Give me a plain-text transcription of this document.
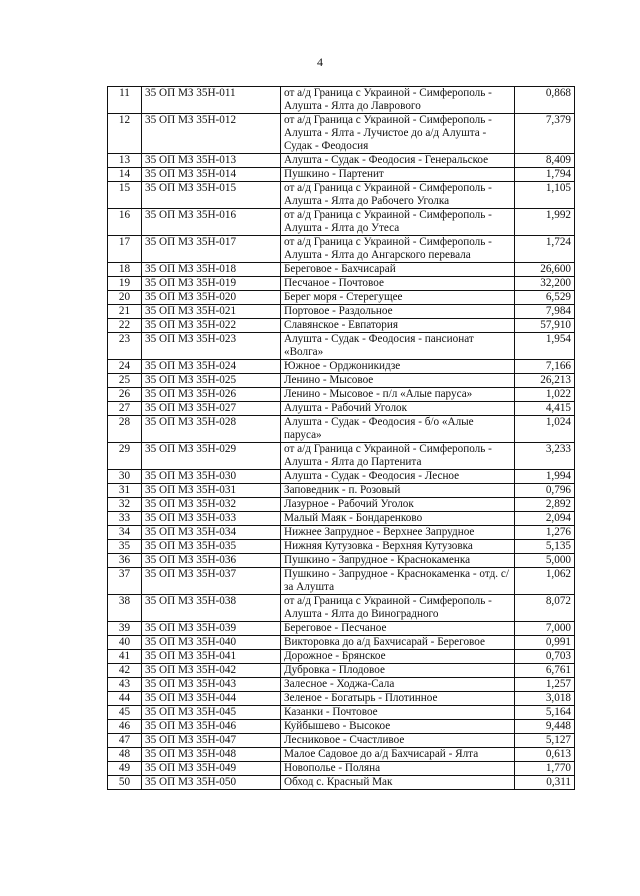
4
11	35 ОП МЗ 35Н-011	от а/д Граница с Украиной - Симферополь - Алушта - Ялта до Лаврового	0,868
12	35 ОП МЗ 35Н-012	от а/д Граница с Украиной - Симферополь - Алушта - Ялта - Лучистое до а/д Алушта - Судак - Феодосия	7,379
13	35 ОП МЗ 35Н-013	Алушта - Судак - Феодосия - Генеральское	8,409
14	35 ОП МЗ 35Н-014	Пушкино - Партенит	1,794
15	35 ОП МЗ 35Н-015	от а/д Граница с Украиной - Симферополь - Алушта - Ялта до Рабочего Уголка	1,105
16	35 ОП МЗ 35Н-016	от а/д Граница с Украиной - Симферополь - Алушта - Ялта до Утеса	1,992
17	35 ОП МЗ 35Н-017	от а/д Граница с Украиной - Симферополь - Алушта - Ялта до Ангарского перевала	1,724
18	35 ОП МЗ 35Н-018	Береговое - Бахчисарай	26,600
19	35 ОП МЗ 35Н-019	Песчаное - Почтовое	32,200
20	35 ОП МЗ 35Н-020	Берег моря - Стерегущее	6,529
21	35 ОП МЗ 35Н-021	Портовое - Раздольное	7,984
22	35 ОП МЗ 35Н-022	Славянское - Евпатория	57,910
23	35 ОП МЗ 35Н-023	Алушта - Судак - Феодосия - пансионат «Волга»	1,954
24	35 ОП МЗ 35Н-024	Южное - Орджоникидзе	7,166
25	35 ОП МЗ 35Н-025	Ленино - Мысовое	26,213
26	35 ОП МЗ 35Н-026	Ленино - Мысовое - п/л «Алые паруса»	1,022
27	35 ОП МЗ 35Н-027	Алушта - Рабочий Уголок	4,415
28	35 ОП МЗ 35Н-028	Алушта - Судак - Феодосия - б/о «Алые паруса»	1,024
29	35 ОП МЗ 35Н-029	от а/д Граница с Украиной - Симферополь - Алушта - Ялта до Партенита	3,233
30	35 ОП МЗ 35Н-030	Алушта - Судак - Феодосия - Лесное	1,994
31	35 ОП МЗ 35Н-031	Заповедник - п. Розовый	0,796
32	35 ОП МЗ 35Н-032	Лазурное - Рабочий Уголок	2,892
33	35 ОП МЗ 35Н-033	Малый Маяк - Бондаренково	2,094
34	35 ОП МЗ 35Н-034	Нижнее Запрудное - Верхнее Запрудное	1,276
35	35 ОП МЗ 35Н-035	Нижняя Кутузовка - Верхняя Кутузовка	5,135
36	35 ОП МЗ 35Н-036	Пушкино - Запрудное - Краснокаменка	5,000
37	35 ОП МЗ 35Н-037	Пушкино - Запрудное - Краснокаменка - отд. с/за Алушта	1,062
38	35 ОП МЗ 35Н-038	от а/д Граница с Украиной - Симферополь - Алушта - Ялта до Виноградного	8,072
39	35 ОП МЗ 35Н-039	Береговое - Песчаное	7,000
40	35 ОП МЗ 35Н-040	Викторовка до а/д Бахчисарай - Береговое	0,991
41	35 ОП МЗ 35Н-041	Дорожное - Брянское	0,703
42	35 ОП МЗ 35Н-042	Дубровка - Плодовое	6,761
43	35 ОП МЗ 35Н-043	Залесное - Ходжа-Сала	1,257
44	35 ОП МЗ 35Н-044	Зеленое - Богатырь - Плотинное	3,018
45	35 ОП МЗ 35Н-045	Казанки - Почтовое	5,164
46	35 ОП МЗ 35Н-046	Куйбышево - Высокое	9,448
47	35 ОП МЗ 35Н-047	Лесниковое - Счастливое	5,127
48	35 ОП МЗ 35Н-048	Малое Садовое до а/д Бахчисарай - Ялта	0,613
49	35 ОП МЗ 35Н-049	Новополье - Поляна	1,770
50	35 ОП МЗ 35Н-050	Обход с. Красный Мак	0,311
